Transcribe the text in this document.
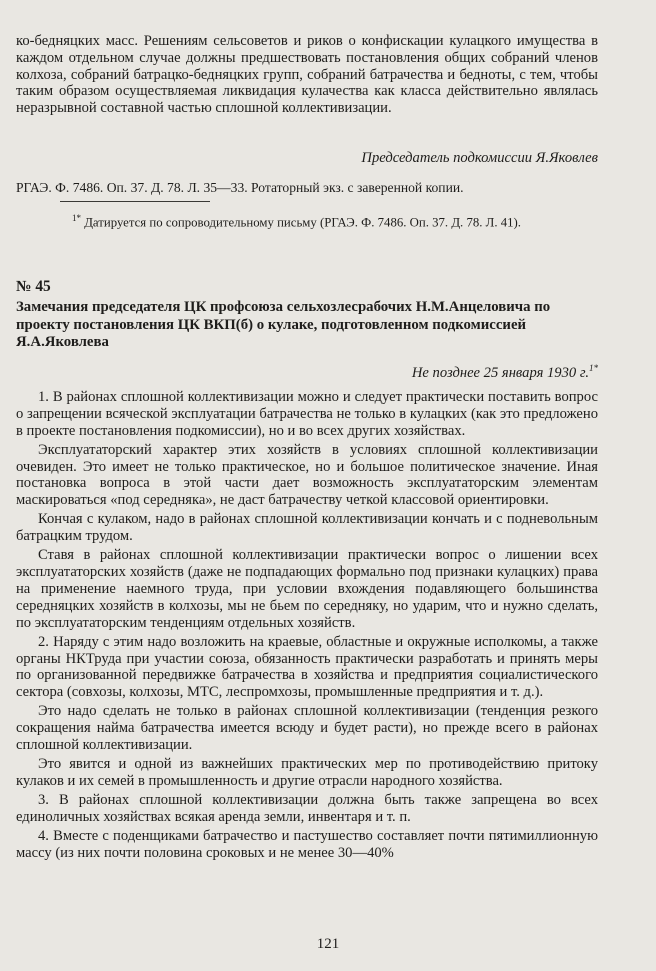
ко-бедняцких масс. Решениям сельсоветов и риков о конфискации кулацкого имущества в каждом отдельном случае должны предшествовать постановления общих собраний членов колхоза, собраний батрацко-бедняцких групп, собраний батрачества и бедноты, с тем, чтобы таким образом осуществляемая ликвидация кулачества как класса действительно являлась неразрывной составной частью сплошной коллективизации.

Председатель подкомиссии Я.Яковлев
РГАЭ. Ф. 7486. Оп. 37. Д. 78. Л. 35—33. Ротаторный экз. с заверенной копии.
$^{1*}$ Датируется по сопроводительному письму (РГАЭ. Ф. 7486. Оп. 37. Д. 78. Л. 41).
№ 45
Замечания председателя ЦК профсоюза сельхозлесрабочих Н.М.Анцеловича по проекту постановления ЦК ВКП(б) о кулаке, подготовленном подкомиссией Я.А.Яковлева
Не позднее 25 января 1930 г.$^{1*}$

1. В районах сплошной коллективизации можно и следует практически поставить вопрос о запрещении всяческой эксплуатации батрачества не только в кулацких (как это предложено в проекте постановления подкомиссии), но и во всех других хозяйствах.

Эксплуататорский характер этих хозяйств в условиях сплошной коллективизации очевиден. Это имеет не только практическое, но и большое политическое значение. Иная постановка вопроса в этой части дает возможность эксплуататорским элементам маскироваться «под середняка», не даст батрачеству четкой классовой ориентировки.

Кончая с кулаком, надо в районах сплошной коллективизации кончать и с подневольным батрацким трудом.

Ставя в районах сплошной коллективизации практически вопрос о лишении всех эксплуататорских хозяйств (даже не подпадающих формально под признаки кулацких) права на применение наемного труда, при условии вхождения подавляющего большинства середняцких хозяйств в колхозы, мы не бьем по середняку, но ударим, что и нужно сделать, по эксплуататорским тенденциям отдельных хозяйств.

2. Наряду с этим надо возложить на краевые, областные и окружные исполкомы, а также органы НКТруда при участии союза, обязанность практически разработать и принять меры по организованной передвижке батрачества в хозяйства и предприятия социалистического сектора (совхозы, колхозы, МТС, леспромхозы, промышленные предприятия и т. д.).

Это надо сделать не только в районах сплошной коллективизации (тенденция резкого сокращения найма батрачества имеется всюду и будет расти), но прежде всего в районах сплошной коллективизации.

Это явится и одной из важнейших практических мер по противодействию притоку кулаков и их семей в промышленность и другие отрасли народного хозяйства.

3. В районах сплошной коллективизации должна быть также запрещена во всех единоличных хозяйствах всякая аренда земли, инвентаря и т. п.

4. Вместе с поденщиками батрачество и пастушество составляет почти пятимиллионную массу (из них почти половина сроковых и не менее 30—40%

121
